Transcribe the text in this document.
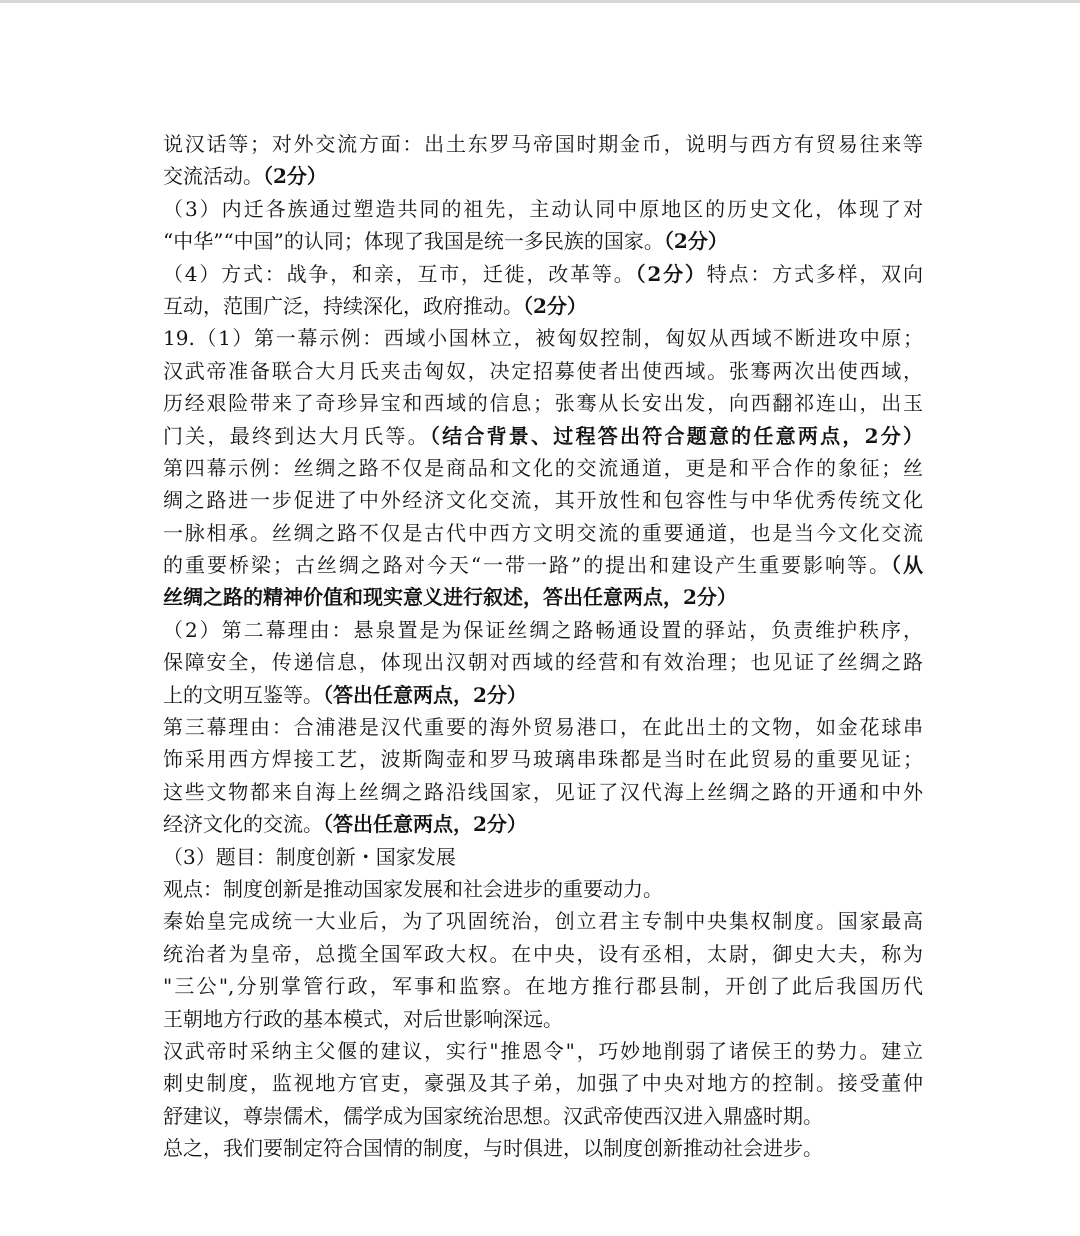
说汉话等；对外交流方面：出土东罗马帝国时期金币，说明与西方有贸易往来等
交流活动。（2分）
（3）内迁各族通过塑造共同的祖先，主动认同中原地区的历史文化，体现了对
“中华”“中国”的认同；体现了我国是统一多民族的国家。（2分）
（4）方式：战争，和亲，互市，迁徙，改革等。（2分）特点：方式多样，双向
互动，范围广泛，持续深化，政府推动。（2分）
19.（1）第一幕示例：西域小国林立，被匈奴控制，匈奴从西域不断进攻中原；
汉武帝准备联合大月氏夹击匈奴，决定招募使者出使西域。张骞两次出使西域，
历经艰险带来了奇珍异宝和西域的信息；张骞从长安出发，向西翻祁连山，出玉
门关，最终到达大月氏等。（结合背景、过程答出符合题意的任意两点，2分）
第四幕示例：丝绸之路不仅是商品和文化的交流通道，更是和平合作的象征；丝
绸之路进一步促进了中外经济文化交流，其开放性和包容性与中华优秀传统文化
一脉相承。丝绸之路不仅是古代中西方文明交流的重要通道，也是当今文化交流
的重要桥梁；古丝绸之路对今天“一带一路”的提出和建设产生重要影响等。（从
丝绸之路的精神价值和现实意义进行叙述，答出任意两点，2分）
（2）第二幕理由：悬泉置是为保证丝绸之路畅通设置的驿站，负责维护秩序，
保障安全，传递信息，体现出汉朝对西域的经营和有效治理；也见证了丝绸之路
上的文明互鉴等。（答出任意两点，2分）
第三幕理由：合浦港是汉代重要的海外贸易港口，在此出土的文物，如金花球串
饰采用西方焊接工艺，波斯陶壶和罗马玻璃串珠都是当时在此贸易的重要见证；
这些文物都来自海上丝绸之路沿线国家，见证了汉代海上丝绸之路的开通和中外
经济文化的交流。（答出任意两点，2分）
（3）题目：制度创新・国家发展
观点：制度创新是推动国家发展和社会进步的重要动力。
秦始皇完成统一大业后，为了巩固统治，创立君主专制中央集权制度。国家最高
统治者为皇帝，总揽全国军政大权。在中央，设有丞相，太尉，御史大夫，称为
"三公",分别掌管行政，军事和监察。在地方推行郡县制，开创了此后我国历代
王朝地方行政的基本模式，对后世影响深远。
汉武帝时采纳主父偃的建议，实行"推恩令"，巧妙地削弱了诸侯王的势力。建立
刺史制度，监视地方官吏，豪强及其子弟，加强了中央对地方的控制。接受董仲
舒建议，尊崇儒术，儒学成为国家统治思想。汉武帝使西汉进入鼎盛时期。
总之，我们要制定符合国情的制度，与时俱进，以制度创新推动社会进步。
